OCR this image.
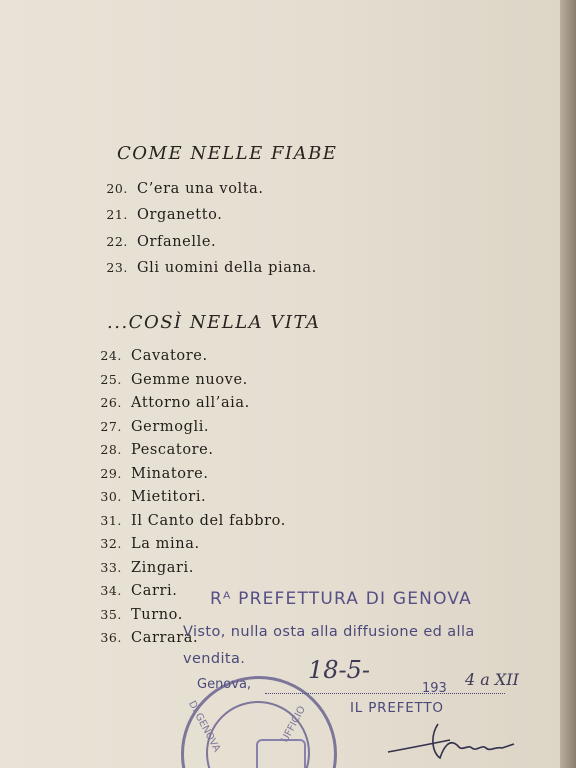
COME NELLE FIABE
...COSÌ NELLA VITA
20. C’era una volta.
21. Organetto.
22. Orfanelle.
23. Gli uomini della piana.
24. Cavatore.
25. Gemme nuove.
26. Attorno all’aia.
27. Germogli.
28. Pescatore.
29. Minatore.
30. Mietitori.
31. Il Canto del fabbro.
32. La mina.
33. Zingari.
34. Carri.
35. Turno.
36. Carrara.
Rᴬ PREFETTURA DI GENOVA
Visto, nulla osta alla diffusione ed alla
vendita.
Genova,
18-5-
193 4 a XII
IL PREFETTO
DI GENOVA	UFFICIO
